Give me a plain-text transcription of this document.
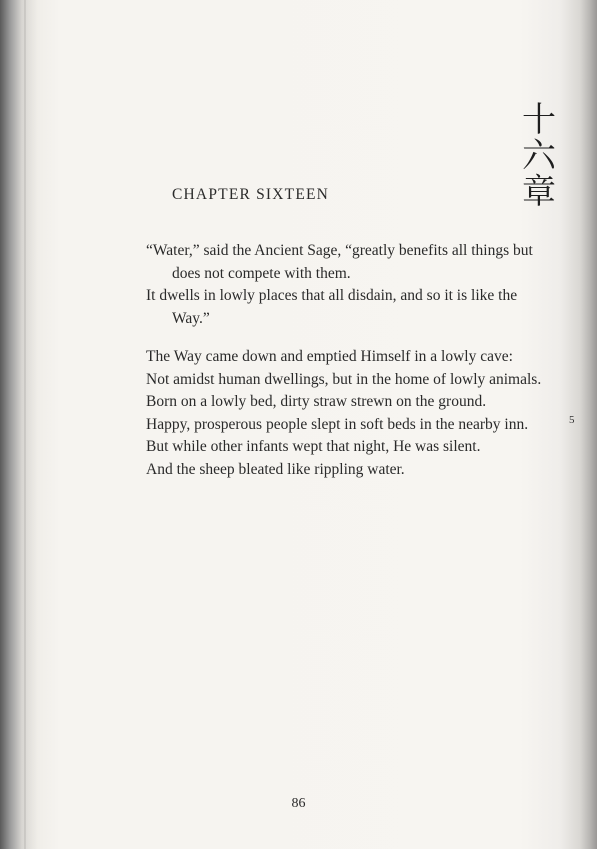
十
六
章
CHAPTER SIXTEEN

“Water,” said the Ancient Sage, “greatly benefits all things but does not compete with them.

It dwells in lowly places that all disdain, and so it is like the Way.”

The Way came down and emptied Himself in a lowly cave:

Not amidst human dwellings, but in the home of lowly animals.

Born on a lowly bed, dirty straw strewn on the ground.

Happy, prosperous people slept in soft beds in the nearby inn.

But while other infants wept that night, He was silent.

And the sheep bleated like rippling water.

5
86
